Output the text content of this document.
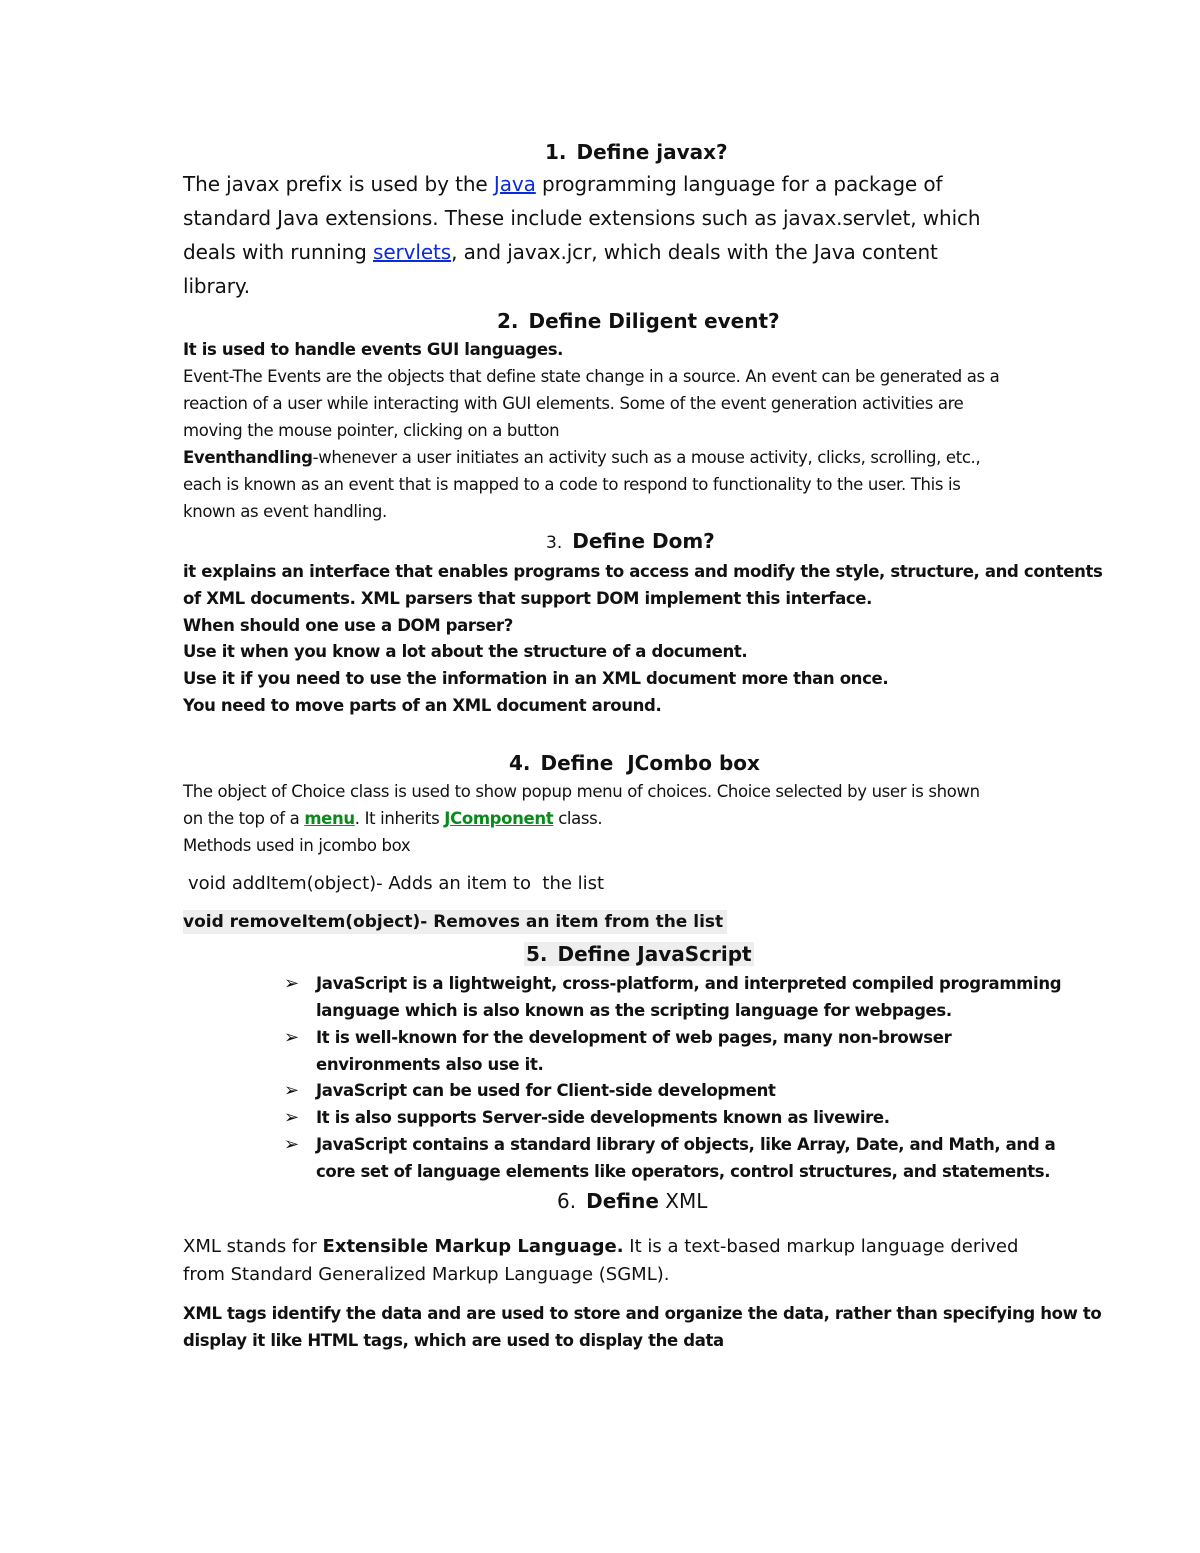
1. Define javax?

The javax prefix is used by the Java programming language for a package of

standard Java extensions. These include extensions such as javax.servlet, which

deals with running servlets, and javax.jcr, which deals with the Java content

library.

2. Define Diligent event?

It is used to handle events GUI languages.

Event-The Events are the objects that define state change in a source. An event can be generated as a

reaction of a user while interacting with GUI elements. Some of the event generation activities are

moving the mouse pointer, clicking on a button

Eventhandling-whenever a user initiates an activity such as a mouse activity, clicks, scrolling, etc.,

each is known as an event that is mapped to a code to respond to functionality to the user. This is

known as event handling.

3. Define Dom?

it explains an interface that enables programs to access and modify the style, structure, and contents

of XML documents. XML parsers that support DOM implement this interface.

When should one use a DOM parser?

Use it when you know a lot about the structure of a document.

Use it if you need to use the information in an XML document more than once.

You need to move parts of an XML document around.

4. Define  JCombo box

The object of Choice class is used to show popup menu of choices. Choice selected by user is shown

on the top of a menu. It inherits JComponent class.

Methods used in jcombo box

void addItem(object)- Adds an item to  the list

void removeItem(object)- Removes an item from the list

5. Define JavaScript
➢ JavaScript is a lightweight, cross-platform, and interpreted compiled programming
language which is also known as the scripting language for webpages.
➢ It is well-known for the development of web pages, many non-browser
environments also use it.
➢ JavaScript can be used for Client-side development
➢ It is also supports Server-side developments known as livewire.
➢ JavaScript contains a standard library of objects, like Array, Date, and Math, and a
core set of language elements like operators, control structures, and statements.
6. Define XML
XML stands for Extensible Markup Language. It is a text-based markup language derived

from Standard Generalized Markup Language (SGML).

XML tags identify the data and are used to store and organize the data, rather than specifying how to

display it like HTML tags, which are used to display the data
